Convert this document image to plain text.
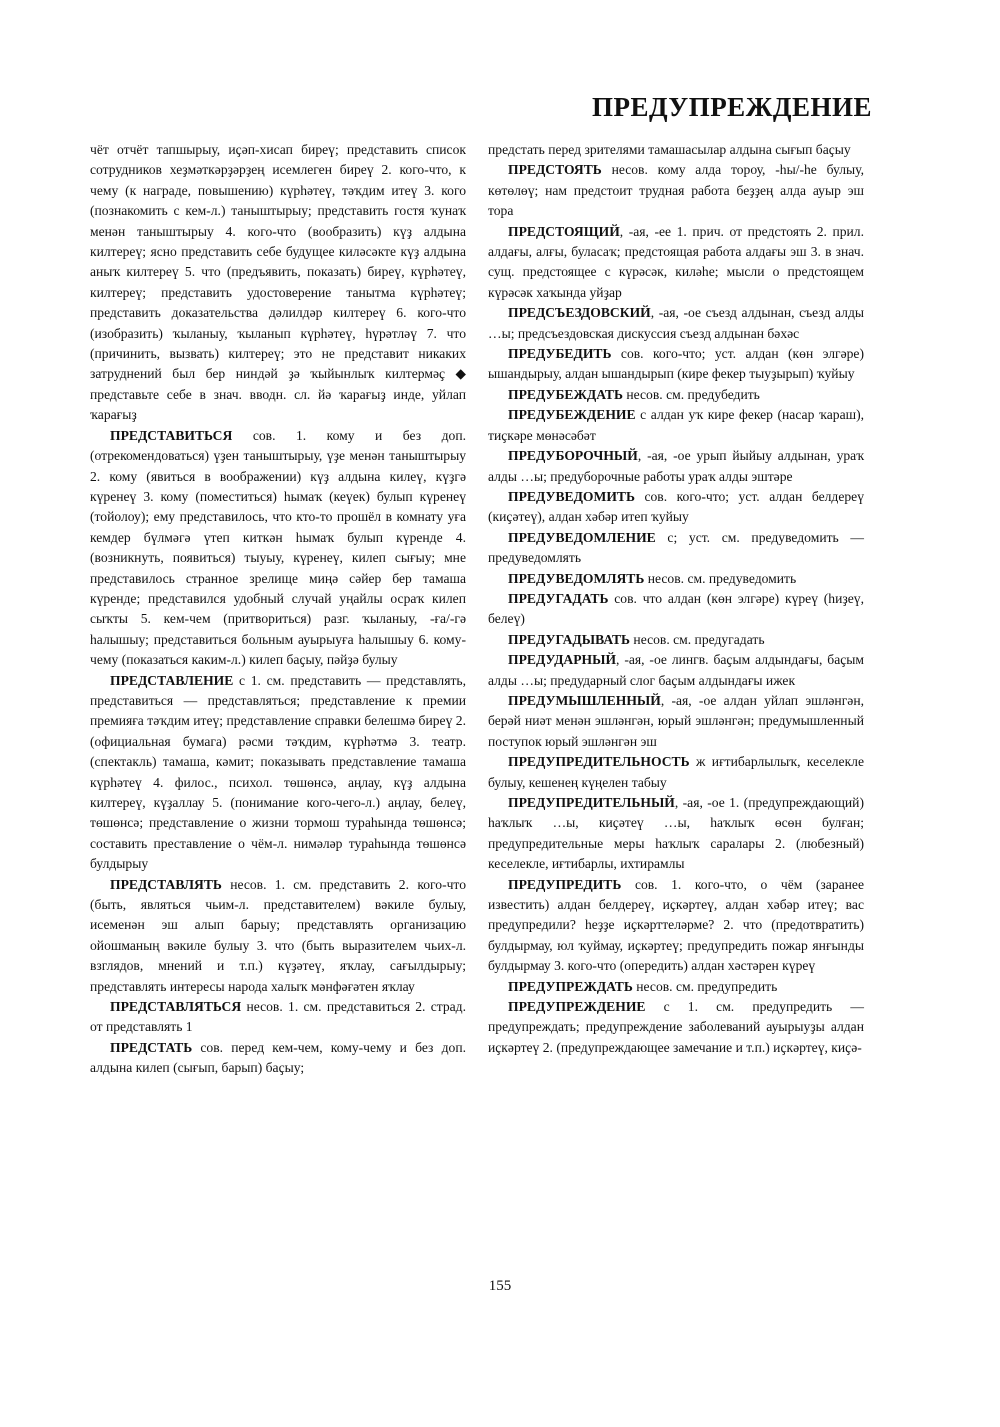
ПРЕДУПРЕЖДЕНИЕ

чёт отчёт тапшырыу, иҫәп-хисап биреү; представить список сотрудников хеҙмәткәрҙәрҙең исемлеген биреү 2. кого-что, к чему (к награде, повышению) күрһәтеү, тәҡдим итеү 3. кого (познакомить с кем-л.) таныштырыу; представить гостя ҡунаҡ менән таныштырыу 4. кого-что (вообразить) күҙ алдына килтереү; ясно представить себе будущее киләсәкте күҙ алдына аныҡ килтереү 5. что (предъявить, показать) биреү, күрһәтеү, килтереү; представить удостоверение танытма күрһәтеү; представить доказательства дәлилдәр килтереү 6. кого-что (изобразить) ҡыланыу, ҡыланып күрһәтеү, һүрәтләү 7. что (причинить, вызвать) килтереү; это не представит никаких затруднений был бер ниндәй ҙә ҡыйынлыҡ килтермәҫ ◆ представьте себе в знач. вводн. сл. йә ҡарағыҙ инде, уйлап ҡарағыҙ

ПРЕДСТАВИТЬСЯ сов. 1. кому и без доп. (отрекомендоваться) үҙен таныштырыу, үҙе менән таныштырыу 2. кому (явиться в воображении) күҙ алдына килеү, күҙгә күренеү 3. кому (поместиться) һымаҡ (кеүек) булып күренеү (тойолоу); ему представилось, что кто-то прошёл в комнату уға кемдер бүлмәгә үтеп киткән һымаҡ булып күренде 4. (возникнуть, появиться) тыуыу, күренеү, килеп сығыу; мне представилось странное зрелище миңә сәйер бер тамаша күренде; представился удобный случай уңайлы осраҡ килеп сыҡты 5. кем-чем (притвориться) разг. ҡыланыу, -ға/-гә һалышыу; представиться больным ауырыуға һалышыу 6. кому-чему (показаться каким-л.) килеп баҫыу, пәйҙә булыу

ПРЕДСТАВЛЕНИЕ с 1. см. представить — представлять, представиться — представляться; представление к премии премияға тәҡдим итеү; представление справки белешмә биреү 2. (официальная бумага) рәсми тәҡдим, күрһәтмә 3. театр. (спектакль) тамаша, кәмит; показывать представление тамаша күрһәтеү 4. филос., психол. төшөнсә, аңлау, күҙ алдына килтереү, күҙаллау 5. (понимание кого-чего-л.) аңлау, белеү, төшөнсә; представление о жизни тормош тураһында төшөнсә; составить преставление о чём-л. нимәләр тураһында төшөнсә булдырыу

ПРЕДСТАВЛЯТЬ несов. 1. см. представить 2. кого-что (быть, являться чьим-л. представителем) вәкиле булыу, исеменән эш алып барыу; представлять организацию ойошманың вәкиле булыу 3. что (быть выразителем чьих-л. взглядов, мнений и т.п.) күҙәтеү, яҡлау, сағылдырыу; представлять интересы народа халыҡ мәнфәғәтен яҡлау

ПРЕДСТАВЛЯТЬСЯ несов. 1. см. представиться 2. страд. от представлять 1

ПРЕДСТАТЬ сов. перед кем-чем, кому-чему и без доп. алдына килеп (сығып, барып) баҫыу;

предстать перед зрителями тамашасылар алдына сығып баҫыу

ПРЕДСТОЯТЬ несов. кому алда тороу, -һы/-һе булыу, көтөлөү; нам предстоит трудная работа беҙҙең алда ауыр эш тора

ПРЕДСТОЯЩИЙ, -ая, -ее 1. прич. от предстоять 2. прил. алдағы, алғы, буласаҡ; предстоящая работа алдағы эш 3. в знач. сущ. предстоящее с күрәсәк, киләһе; мысли о предстоящем күрәсәк хаҡында уйҙар

ПРЕДСЪЕЗДОВСКИЙ, -ая, -ое съезд алдынан, съезд алды …ы; предсъездовская дискуссия съезд алдынан бәхәс

ПРЕДУБЕДИТЬ сов. кого-что; уст. алдан (көн элгәре) ышандырыу, алдан ышандырып (кире фекер тыуҙырып) ҡуйыу

ПРЕДУБЕЖДАТЬ несов. см. предубедить

ПРЕДУБЕЖДЕНИЕ с алдан уҡ кире фекер (насар ҡараш), тиҫкәре мөнәсәбәт

ПРЕДУБОРОЧНЫЙ, -ая, -ое урып йыйыу алдынан, ураҡ алды …ы; предуборочные работы ураҡ алды эштәре

ПРЕДУВЕДОМИТЬ сов. кого-что; уст. алдан белдереү (киҫәтеү), алдан хәбәр итеп ҡуйыу

ПРЕДУВЕДОМЛЕНИЕ с; уст. см. предуведомить — предуведомлять

ПРЕДУВЕДОМЛЯТЬ несов. см. предуведомить

ПРЕДУГАДАТЬ сов. что алдан (көн элгәре) күреү (һиҙеү, белеү)

ПРЕДУГАДЫВАТЬ несов. см. предугадать

ПРЕДУДАРНЫЙ, -ая, -ое лингв. баҫым алдындағы, баҫым алды …ы; предударный слог баҫым алдындағы ижек

ПРЕДУМЫШЛЕННЫЙ, -ая, -ое алдан уйлап эшләнгән, берәй ниәт менән эшләнгән, юрый эшләнгән; предумышленный поступок юрый эшләнгән эш

ПРЕДУПРЕДИТЕЛЬНОСТЬ ж иғтибарлылыҡ, кеселекле булыу, кешенең күңелен табыу

ПРЕДУПРЕДИТЕЛЬНЫЙ, -ая, -ое 1. (предупреждающий) һаҡлыҡ …ы, киҫәтеү …ы, һаҡлыҡ өсөн булған; предупредительные меры һаҡлыҡ саралары 2. (любезный) кеселекле, иғтибарлы, ихтирамлы

ПРЕДУПРЕДИТЬ сов. 1. кого-что, о чём (заранее известить) алдан белдереү, иҫкәртеү, алдан хәбәр итеү; вас предупредили? һеҙҙе иҫкәрттеләрме? 2. что (предотвратить) булдырмау, юл ҡуймау, иҫкәртеү; предупредить пожар янғынды булдырмау 3. кого-что (опередить) алдан хәстәрен күреү

ПРЕДУПРЕЖДАТЬ несов. см. предупредить

ПРЕДУПРЕЖДЕНИЕ с 1. см. предупредить — предупреждать; предупреждение заболеваний ауырыуҙы алдан иҫкәртеү 2. (предупреждающее замечание и т.п.) иҫкәртеү, киҫә-

155
